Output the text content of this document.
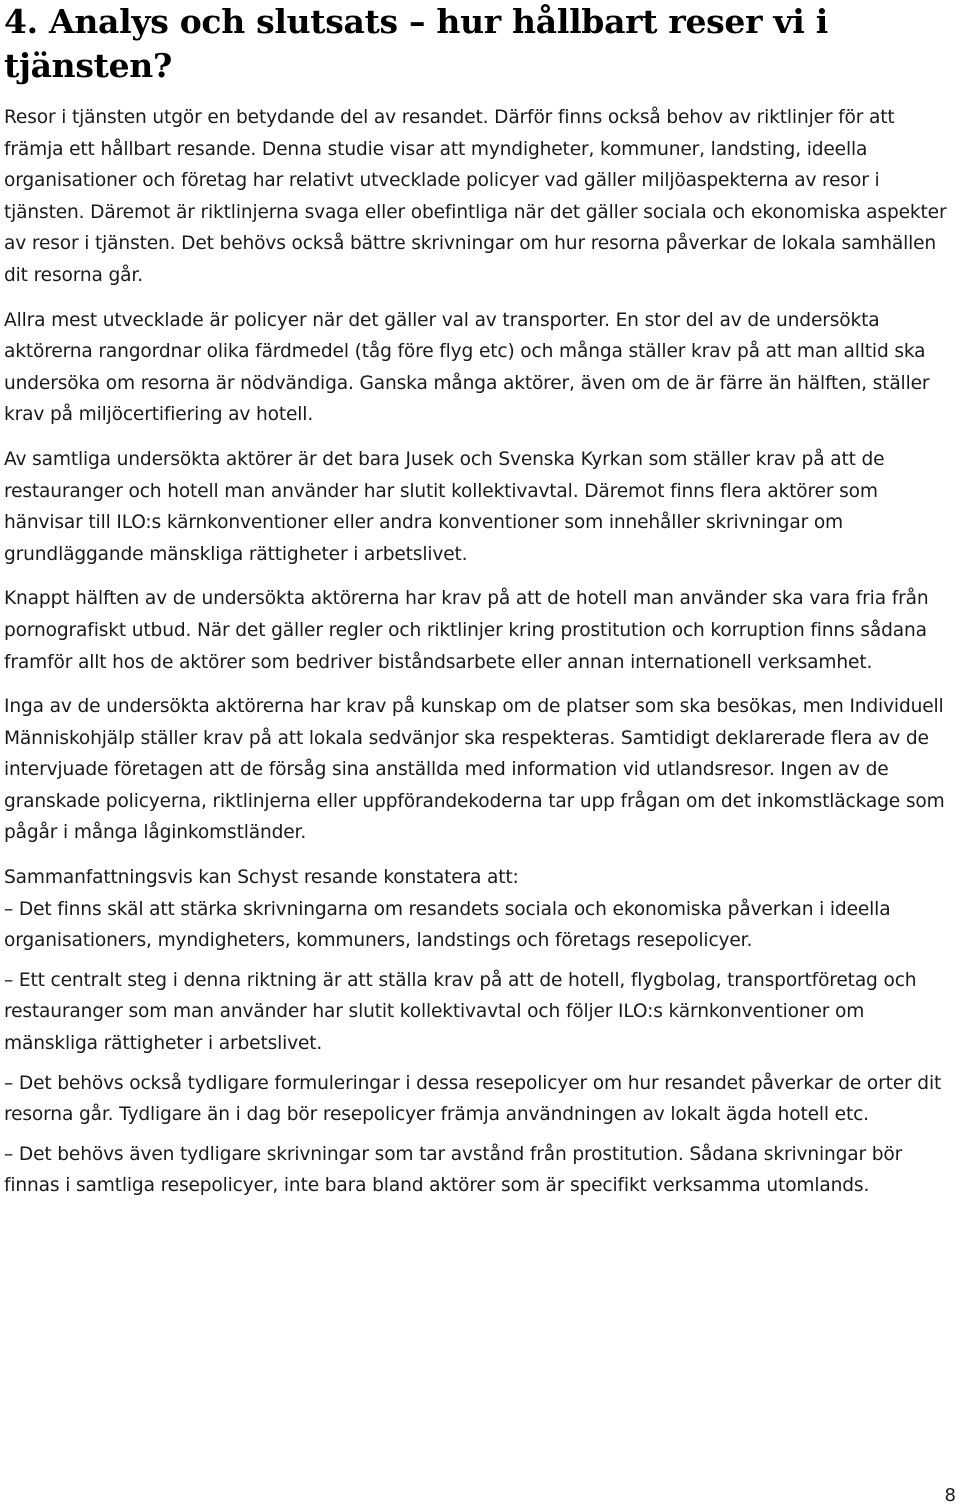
4. Analys och slutsats – hur hållbart reser vi i tjänsten?

Resor i tjänsten utgör en betydande del av resandet. Därför finns också behov av riktlinjer för att främja ett hållbart resande. Denna studie visar att myndigheter, kommuner, landsting, ideella organisationer och företag har relativt utvecklade policyer vad gäller miljöaspekterna av resor i tjänsten. Däremot är riktlinjerna svaga eller obefintliga när det gäller sociala och ekonomiska aspekter av resor i tjänsten. Det behövs också bättre skrivningar om hur resorna påverkar de lokala samhällen dit resorna går.

Allra mest utvecklade är policyer när det gäller val av transporter. En stor del av de undersökta aktörerna rangordnar olika färdmedel (tåg före flyg etc) och många ställer krav på att man alltid ska undersöka om resorna är nödvändiga. Ganska många aktörer, även om de är färre än hälften, ställer krav på miljöcertifiering av hotell.

Av samtliga undersökta aktörer är det bara Jusek och Svenska Kyrkan som ställer krav på att de restauranger och hotell man använder har slutit kollektivavtal. Däremot finns flera aktörer som hänvisar till ILO:s kärnkonventioner eller andra konventioner som innehåller skrivningar om grundläggande mänskliga rättigheter i arbetslivet.

Knappt hälften av de undersökta aktörerna har krav på att de hotell man använder ska vara fria från pornografiskt utbud. När det gäller regler och riktlinjer kring prostitution och korruption finns sådana framför allt hos de aktörer som bedriver biståndsarbete eller annan internationell verksamhet.

Inga av de undersökta aktörerna har krav på kunskap om de platser som ska besökas, men Individuell Människohjälp ställer krav på att lokala sedvänjor ska respekteras. Samtidigt deklarerade flera av de intervjuade företagen att de försåg sina anställda med information vid utlandsresor. Ingen av de granskade policyerna, riktlinjerna eller uppförandekoderna tar upp frågan om det inkomstläckage som pågår i många låginkomstländer.

Sammanfattningsvis kan Schyst resande konstatera att:

– Det finns skäl att stärka skrivningarna om resandets sociala och ekonomiska påverkan i ideella organisationers, myndigheters, kommuners, landstings och företags resepolicyer.
– Ett centralt steg i denna riktning är att ställa krav på att de hotell, flygbolag, transportföretag och restauranger som man använder har slutit kollektivavtal och följer ILO:s kärnkonventioner om mänskliga rättigheter i arbetslivet.
– Det behövs också tydligare formuleringar i dessa resepolicyer om hur resandet påverkar de orter dit resorna går. Tydligare än i dag bör resepolicyer främja användningen av lokalt ägda hotell etc.
– Det behövs även tydligare skrivningar som tar avstånd från prostitution. Sådana skrivningar bör finnas i samtliga resepolicyer, inte bara bland aktörer som är specifikt verksamma utomlands.
8
